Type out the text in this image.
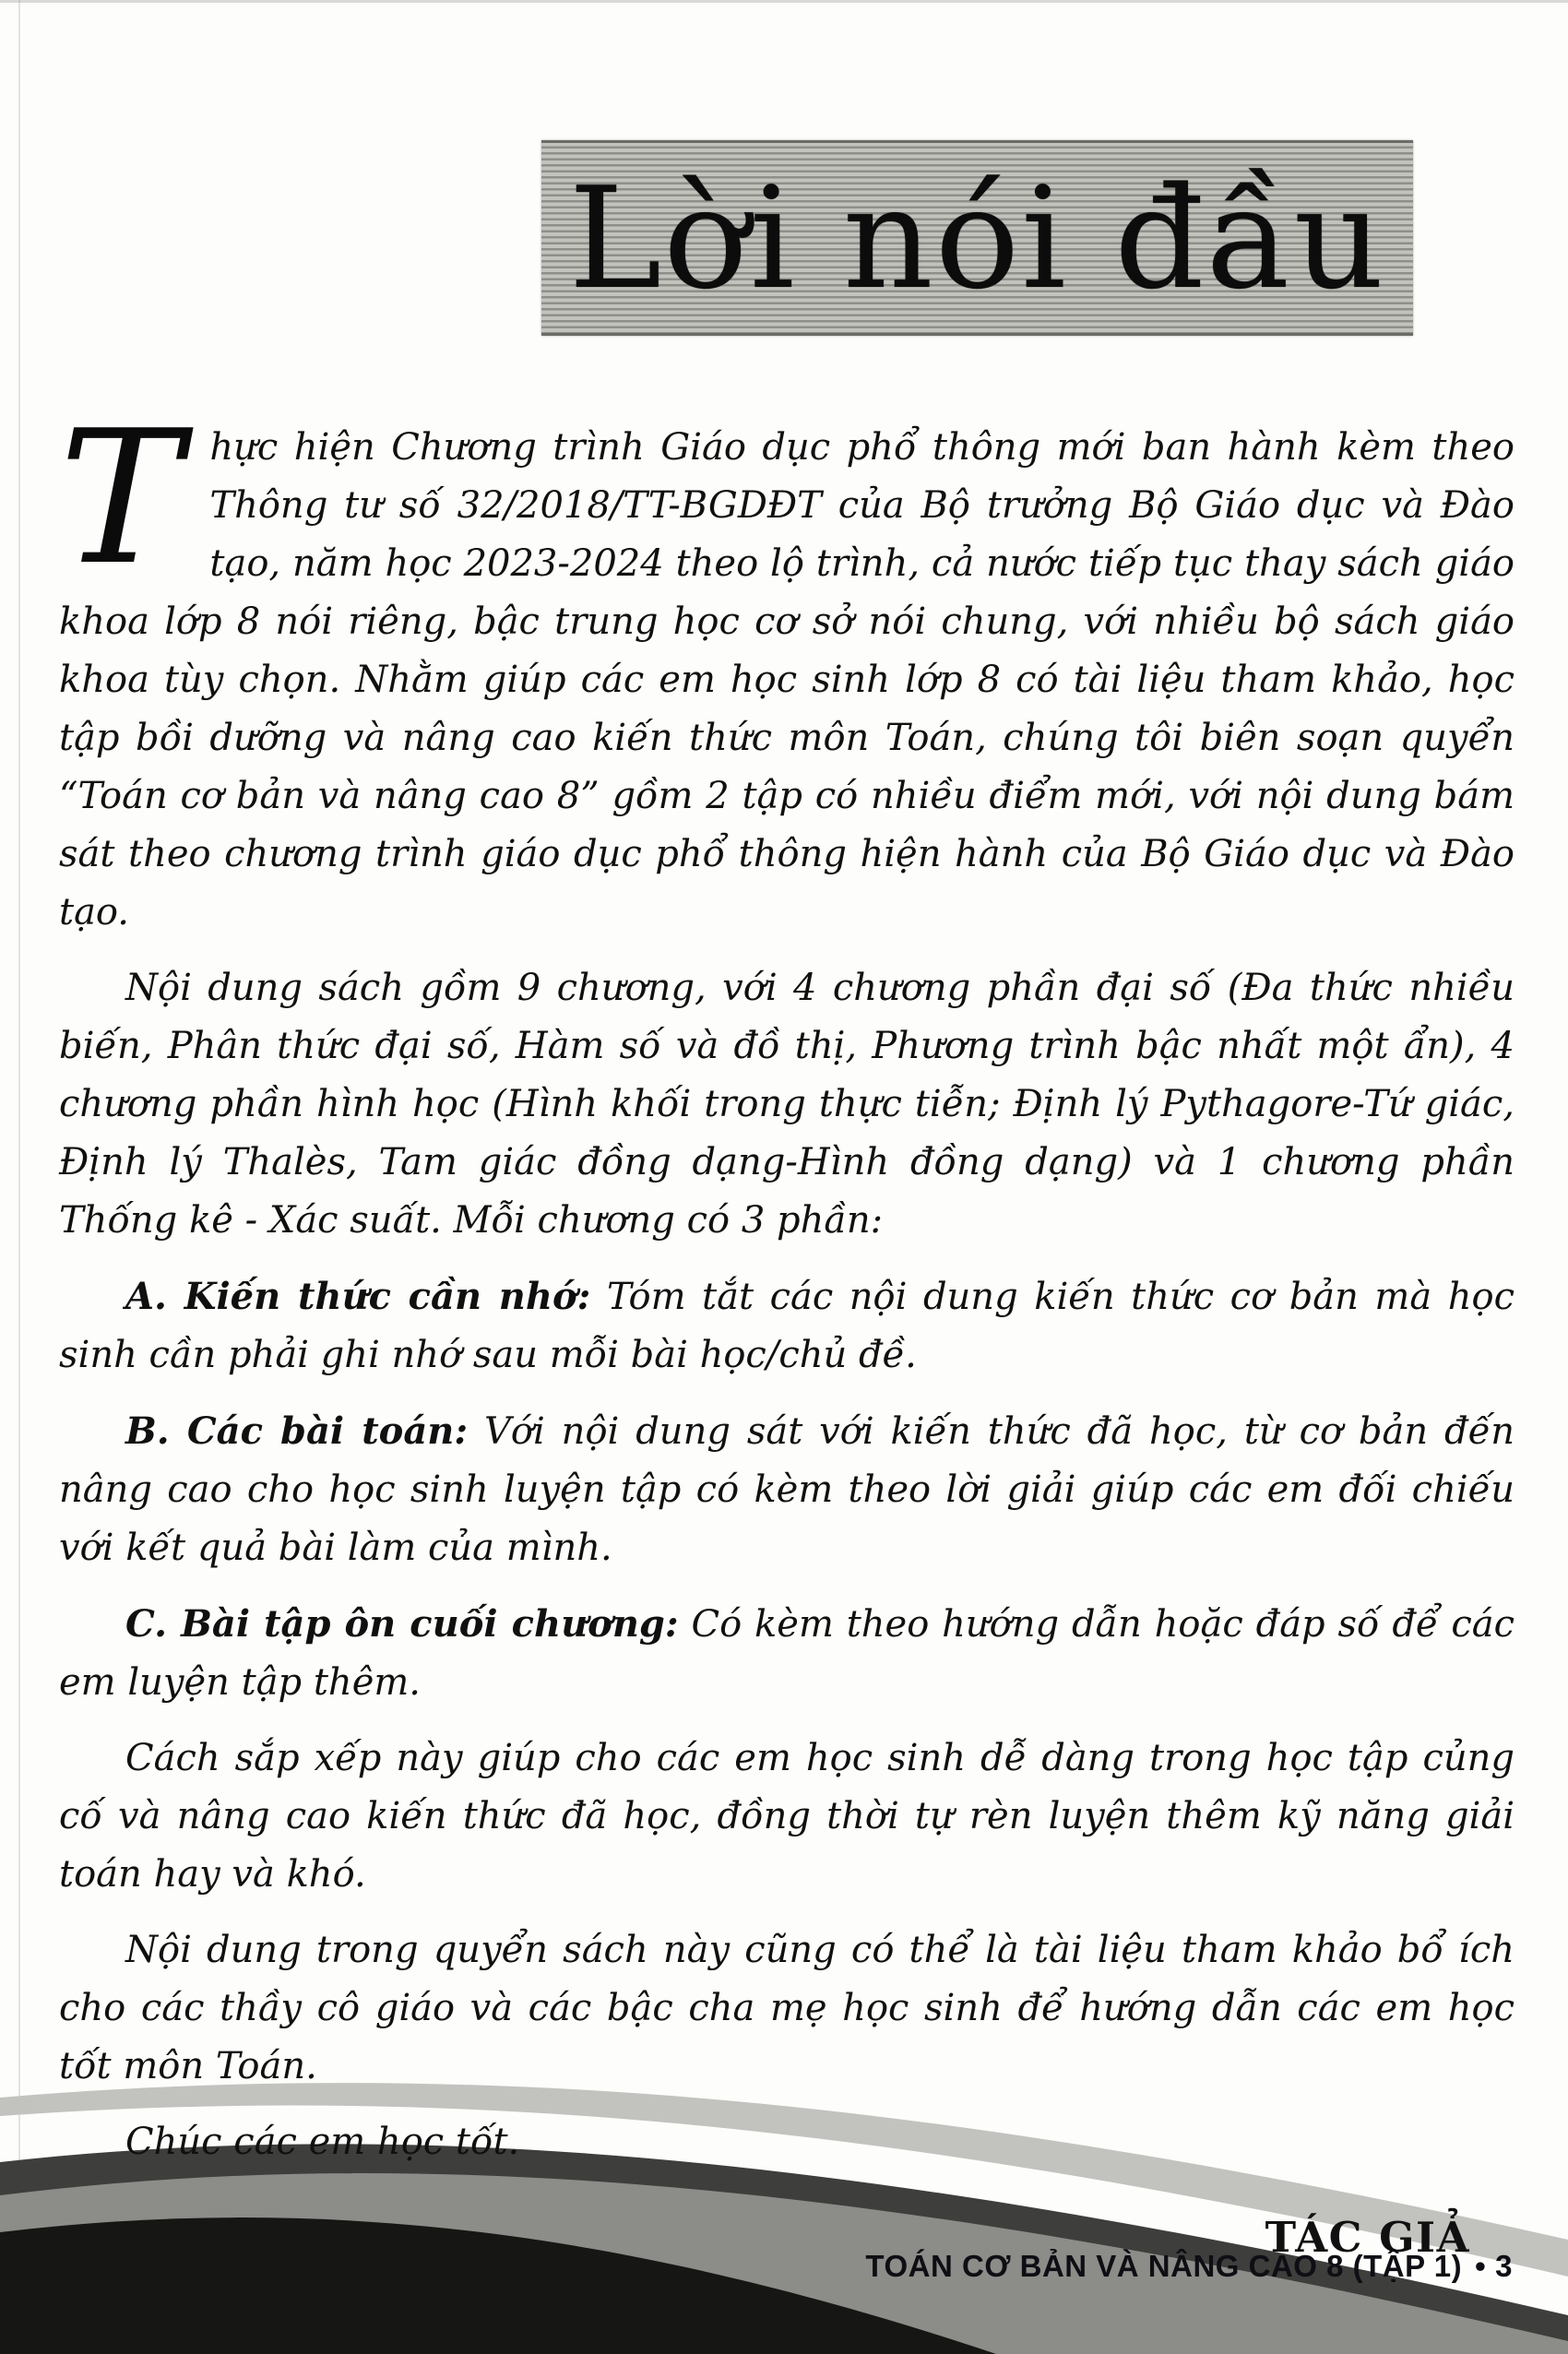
Lời nói đầu

Thực hiện Chương trình Giáo dục phổ thông mới ban hành kèm theo Thông tư số 32/2018/TT-BGDĐT của Bộ trưởng Bộ Giáo dục và Đào tạo, năm học 2023-2024 theo lộ trình, cả nước tiếp tục thay sách giáo khoa lớp 8 nói riêng, bậc trung học cơ sở nói chung, với nhiều bộ sách giáo khoa tùy chọn. Nhằm giúp các em học sinh lớp 8 có tài liệu tham khảo, học tập bồi dưỡng và nâng cao kiến thức môn Toán, chúng tôi biên soạn quyển “Toán cơ bản và nâng cao 8” gồm 2 tập có nhiều điểm mới, với nội dung bám sát theo chương trình giáo dục phổ thông hiện hành của Bộ Giáo dục và Đào tạo.

Nội dung sách gồm 9 chương, với 4 chương phần đại số (Đa thức nhiều biến, Phân thức đại số, Hàm số và đồ thị, Phương trình bậc nhất một ẩn), 4 chương phần hình học (Hình khối trong thực tiễn; Định lý Pythagore-Tứ giác, Định lý Thalès, Tam giác đồng dạng-Hình đồng dạng) và 1 chương phần Thống kê - Xác suất. Mỗi chương có 3 phần:

A. Kiến thức cần nhớ: Tóm tắt các nội dung kiến thức cơ bản mà học sinh cần phải ghi nhớ sau mỗi bài học/chủ đề.

B. Các bài toán: Với nội dung sát với kiến thức đã học, từ cơ bản đến nâng cao cho học sinh luyện tập có kèm theo lời giải giúp các em đối chiếu với kết quả bài làm của mình.

C. Bài tập ôn cuối chương: Có kèm theo hướng dẫn hoặc đáp số để các em luyện tập thêm.

Cách sắp xếp này giúp cho các em học sinh dễ dàng trong học tập củng cố và nâng cao kiến thức đã học, đồng thời tự rèn luyện thêm kỹ năng giải toán hay và khó.

Nội dung trong quyển sách này cũng có thể là tài liệu tham khảo bổ ích cho các thầy cô giáo và các bậc cha mẹ học sinh để hướng dẫn các em học tốt môn Toán.

Chúc các em học tốt.

TÁC GIẢ
TOÁN CƠ BẢN VÀ NÂNG CAO 8 (TẬP 1) • 3
